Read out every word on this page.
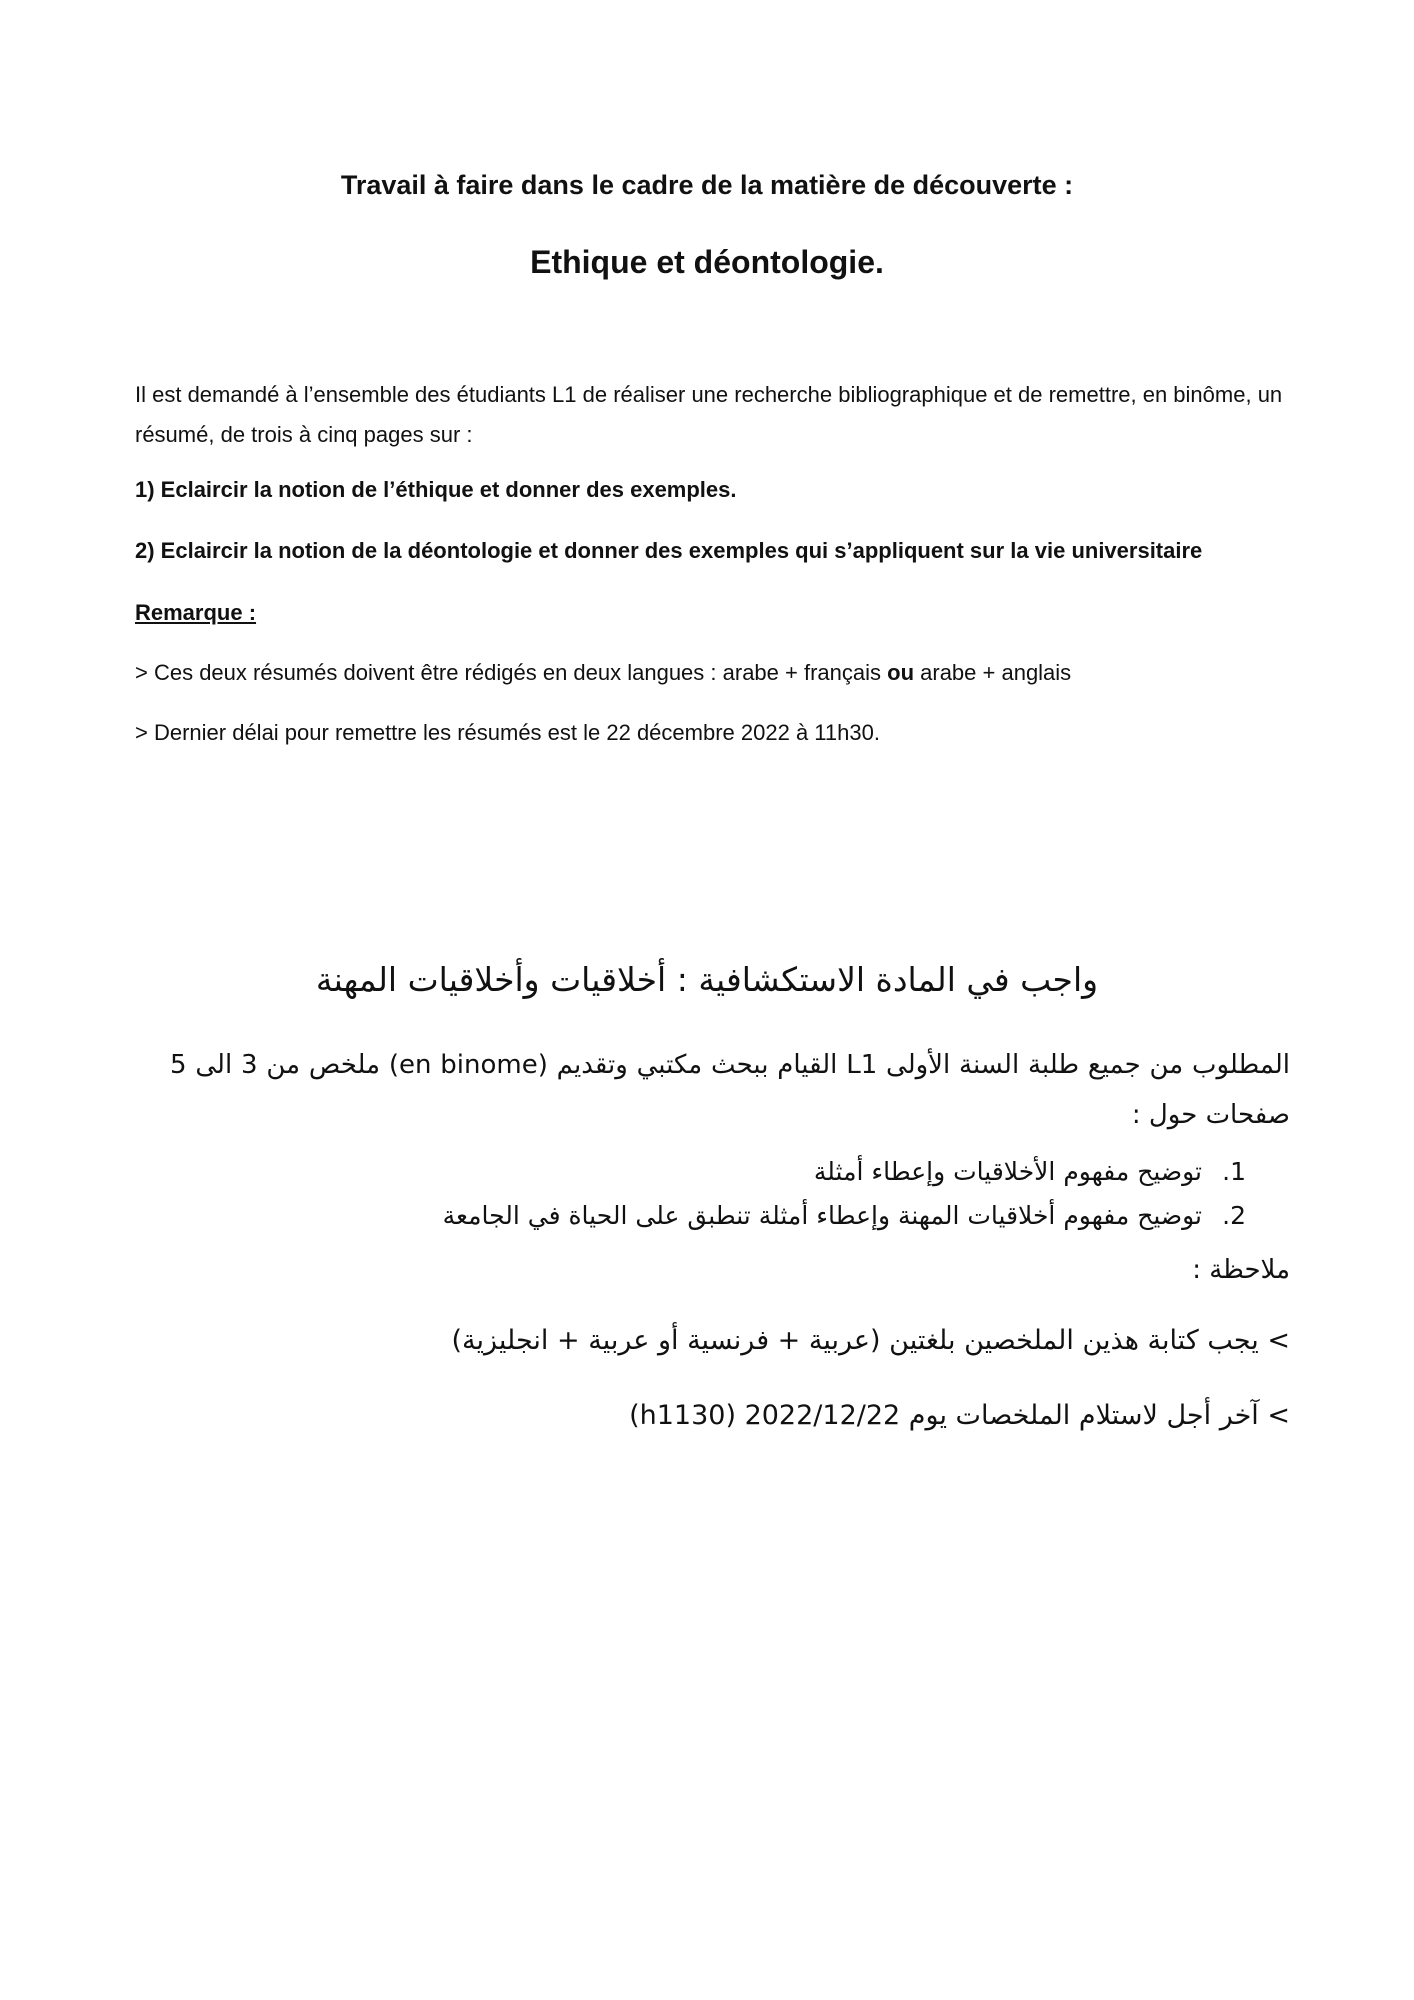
Travail à faire dans le cadre de la matière de découverte :
Ethique et déontologie.
Il est demandé à l’ensemble des étudiants L1 de réaliser une recherche bibliographique et de remettre, en binôme, un résumé, de trois à cinq pages sur :
1) Eclaircir la notion de l’éthique et donner des exemples.
2) Eclaircir la notion de la déontologie et donner des exemples qui s’appliquent sur la vie universitaire
Remarque :
> Ces deux résumés doivent être rédigés en deux langues : arabe + français ou arabe + anglais
> Dernier délai pour remettre les résumés est le 22 décembre 2022 à 11h30.
واجب في المادة الاستكشافية : أخلاقيات وأخلاقيات المهنة
المطلوب من جميع طلبة السنة الأولى L1 القيام ببحث مكتبي وتقديم (en binome) ملخص من 3 الى 5 صفحات حول :
1.توضيح مفهوم الأخلاقيات وإعطاء أمثلة
2.توضيح مفهوم أخلاقيات المهنة وإعطاء أمثلة تنطبق على الحياة في الجامعة
ملاحظة :
> يجب كتابة هذين الملخصين بلغتين (عربية + فرنسية أو عربية + انجليزية)
> آخر أجل لاستلام الملخصات يوم 2022/12/22 (h1130)
